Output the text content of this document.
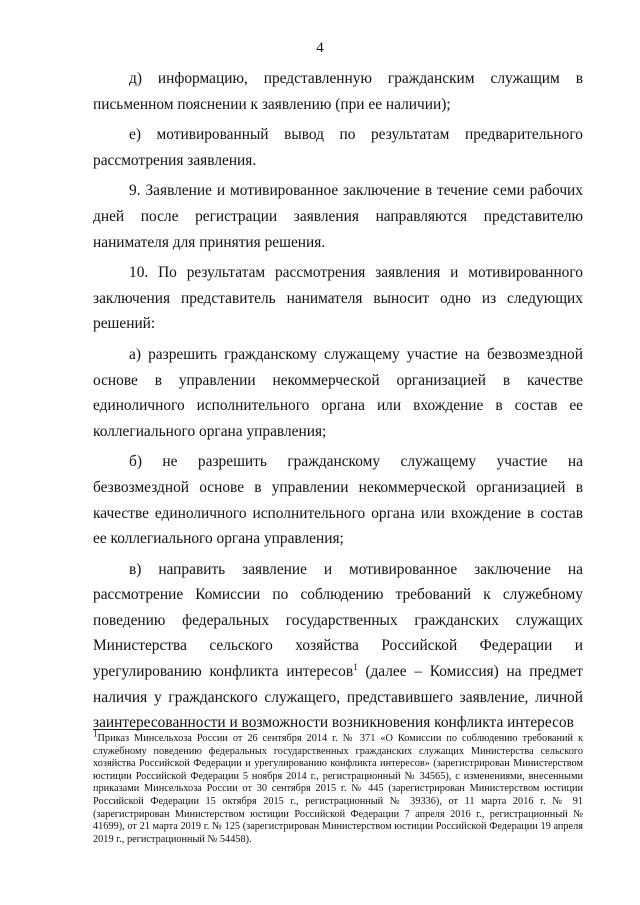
4

д) информацию, представленную гражданским служащим в письменном пояснении к заявлению (при ее наличии);

е) мотивированный вывод по результатам предварительного рассмотрения заявления.

9. Заявление и мотивированное заключение в течение семи рабочих дней после регистрации заявления направляются представителю нанимателя для принятия решения.

10. По результатам рассмотрения заявления и мотивированного заключения представитель нанимателя выносит одно из следующих решений:

а) разрешить гражданскому служащему участие на безвозмездной основе в управлении некоммерческой организацией в качестве единоличного исполнительного органа или вхождение в состав ее коллегиального органа управления;

б) не разрешить гражданскому служащему участие на безвозмездной основе в управлении некоммерческой организацией в качестве единоличного исполнительного органа или вхождение в состав ее коллегиального органа управления;

в) направить заявление и мотивированное заключение на рассмотрение Комиссии по соблюдению требований к служебному поведению федеральных государственных гражданских служащих Министерства сельского хозяйства Российской Федерации и урегулированию конфликта интересов$^1$ (далее – Комиссия) на предмет наличия у гражданского служащего, представившего заявление, личной заинтересованности и возможности возникновения конфликта интересов

$^1$Приказ Минсельхоза России от 26 сентября 2014 г. № 371 «О Комиссии по соблюдению требований к служебному поведению федеральных государственных гражданских служащих Министерства сельского хозяйства Российской Федерации и урегулированию конфликта интересов» (зарегистрирован Министерством юстиции Российской Федерации 5 ноября 2014 г., регистрационный № 34565), с изменениями, внесенными приказами Минсельхоза России от 30 сентября 2015 г. № 445 (зарегистрирован Министерством юстиции Российской Федерации 15 октября 2015 г., регистрационный № 39336), от 11 марта 2016 г. № 91 (зарегистрирован Министерством юстиции Российской Федерации 7 апреля 2016 г., регистрационный № 41699), от 21 марта 2019 г. № 125 (зарегистрирован Министерством юстиции Российской Федерации 19 апреля 2019 г., регистрационный № 54458).
